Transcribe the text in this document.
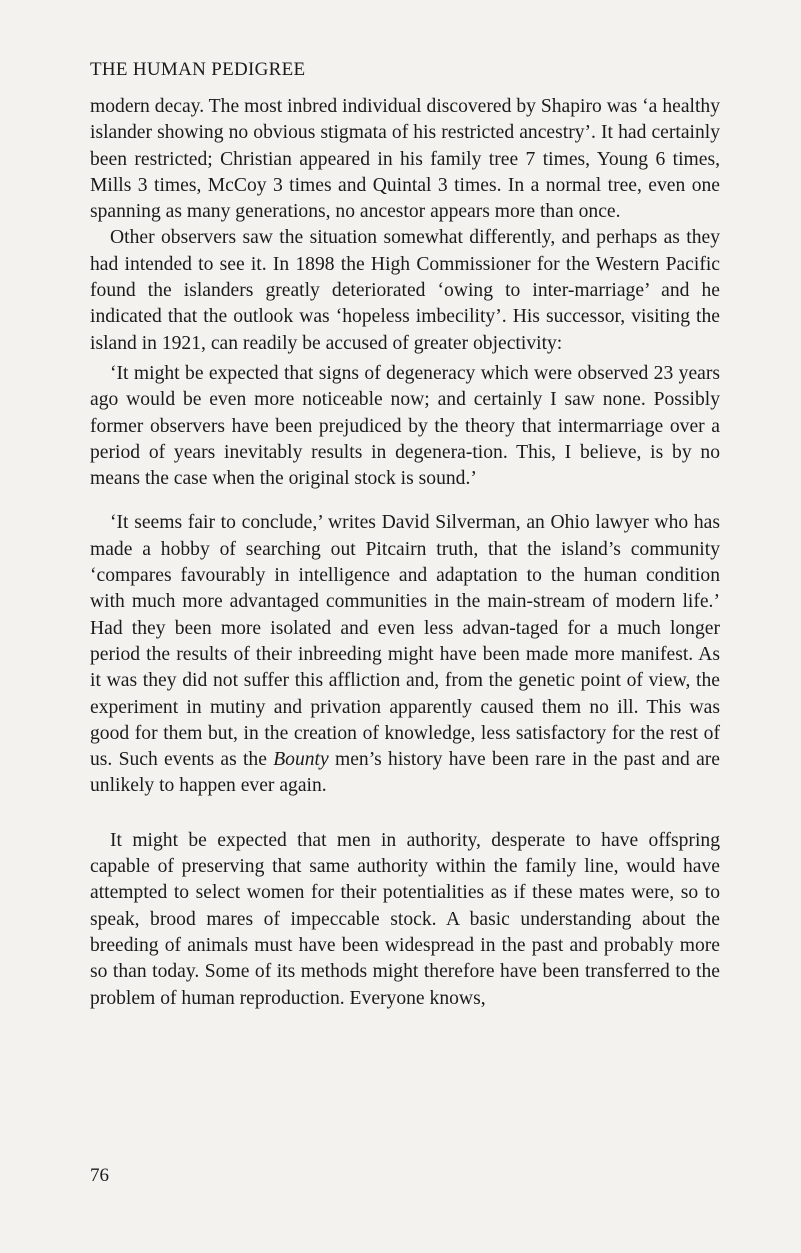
THE HUMAN PEDIGREE

modern decay. The most inbred individual discovered by Shapiro was ‘a healthy islander showing no obvious stigmata of his restricted ancestry’. It had certainly been restricted; Christian appeared in his family tree 7 times, Young 6 times, Mills 3 times, McCoy 3 times and Quintal 3 times. In a normal tree, even one spanning as many generations, no ancestor appears more than once.

Other observers saw the situation somewhat differently, and perhaps as they had intended to see it. In 1898 the High Commissioner for the Western Pacific found the islanders greatly deteriorated ‘owing to inter-marriage’ and he indicated that the outlook was ‘hopeless imbecility’. His successor, visiting the island in 1921, can readily be accused of greater objectivity:

‘It might be expected that signs of degeneracy which were observed 23 years ago would be even more noticeable now; and certainly I saw none. Possibly former observers have been prejudiced by the theory that intermarriage over a period of years inevitably results in degenera-tion. This, I believe, is by no means the case when the original stock is sound.’

‘It seems fair to conclude,’ writes David Silverman, an Ohio lawyer who has made a hobby of searching out Pitcairn truth, that the island’s community ‘compares favourably in intelligence and adaptation to the human condition with much more advantaged communities in the main-stream of modern life.’ Had they been more isolated and even less advan-taged for a much longer period the results of their inbreeding might have been made more manifest. As it was they did not suffer this affliction and, from the genetic point of view, the experiment in mutiny and privation apparently caused them no ill. This was good for them but, in the creation of knowledge, less satisfactory for the rest of us. Such events as the Bounty men’s history have been rare in the past and are unlikely to happen ever again.

It might be expected that men in authority, desperate to have offspring capable of preserving that same authority within the family line, would have attempted to select women for their potentialities as if these mates were, so to speak, brood mares of impeccable stock. A basic understanding about the breeding of animals must have been widespread in the past and probably more so than today. Some of its methods might therefore have been transferred to the problem of human reproduction. Everyone knows,

76
